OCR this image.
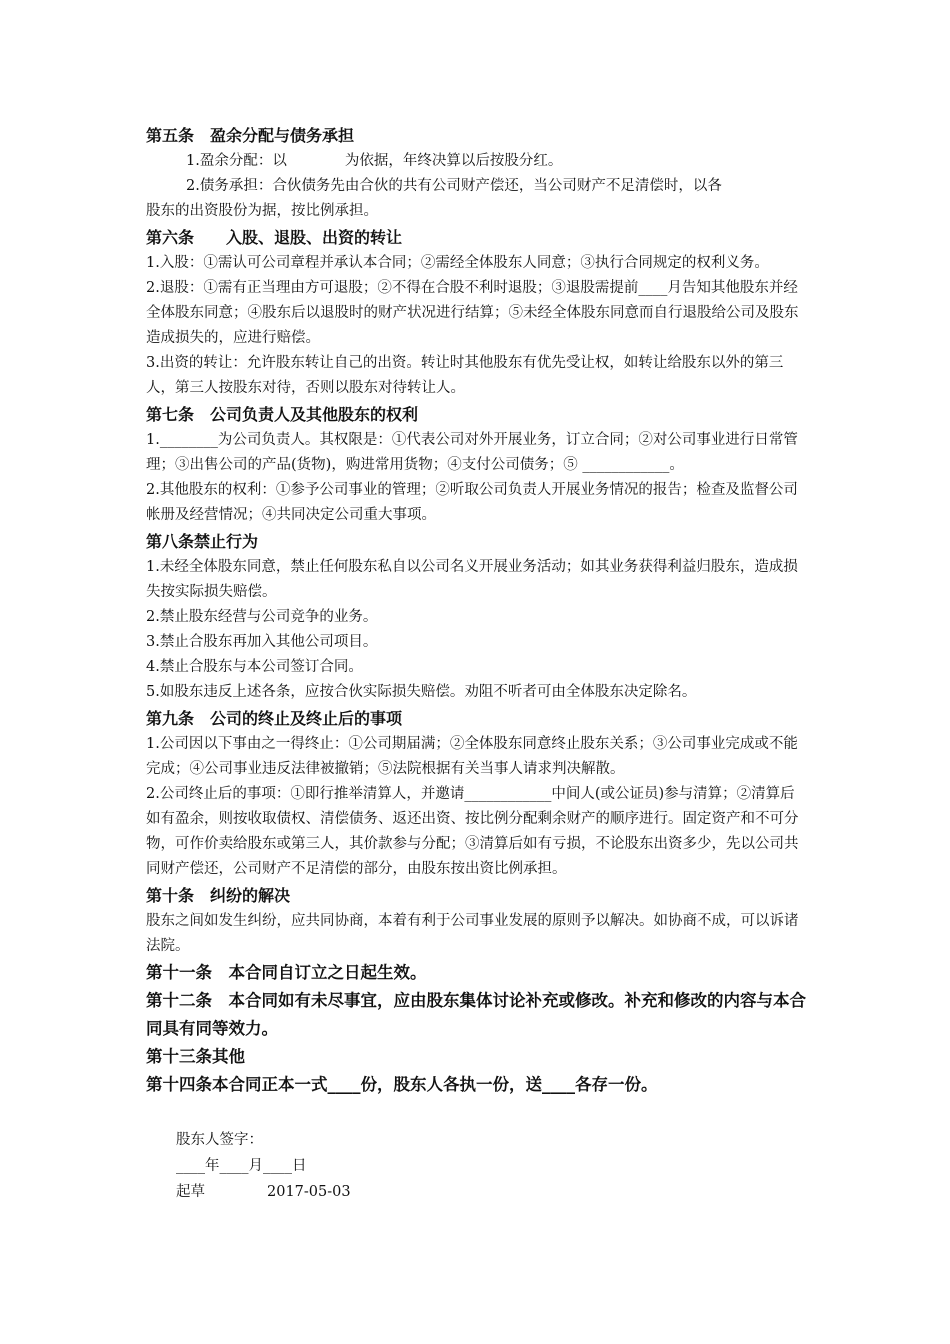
第五条　盈余分配与债务承担

1.盈余分配：以　　　　为依据，年终决算以后按股分红。

2.债务承担：合伙债务先由合伙的共有公司财产偿还，当公司财产不足清偿时，以各

股东的出资股份为据，按比例承担。

第六条　　入股、退股、出资的转让

1.入股：①需认可公司章程并承认本合同；②需经全体股东人同意；③执行合同规定的权利义务。

2.退股：①需有正当理由方可退股；②不得在合股不利时退股；③退股需提前____月告知其他股东并经全体股东同意；④股东后以退股时的财产状况进行结算；⑤未经全体股东同意而自行退股给公司及股东造成损失的，应进行赔偿。

3.出资的转让：允许股东转让自己的出资。转让时其他股东有优先受让权，如转让给股东以外的第三人，第三人按股东对待，否则以股东对待转让人。

第七条　公司负责人及其他股东的权利

1.________为公司负责人。其权限是：①代表公司对外开展业务，订立合同；②对公司事业进行日常管理；③出售公司的产品(货物)，购进常用货物；④支付公司债务；⑤ ____________。

2.其他股东的权利：①参予公司事业的管理；②听取公司负责人开展业务情况的报告；检查及监督公司帐册及经营情况；④共同决定公司重大事项。

第八条禁止行为

1.未经全体股东同意，禁止任何股东私自以公司名义开展业务活动；如其业务获得利益归股东，造成损失按实际损失赔偿。

2.禁止股东经营与公司竞争的业务。

3.禁止合股东再加入其他公司项目。

4.禁止合股东与本公司签订合同。

5.如股东违反上述各条，应按合伙实际损失赔偿。劝阻不听者可由全体股东决定除名。

第九条　公司的终止及终止后的事项

1.公司因以下事由之一得终止：①公司期届满；②全体股东同意终止股东关系；③公司事业完成或不能完成；④公司事业违反法律被撤销；⑤法院根据有关当事人请求判决解散。

2.公司终止后的事项：①即行推举清算人，并邀请____________中间人(或公证员)参与清算；②清算后如有盈余，则按收取债权、清偿债务、返还出资、按比例分配剩余财产的顺序进行。固定资产和不可分物，可作价卖给股东或第三人，其价款参与分配；③清算后如有亏损，不论股东出资多少，先以公司共同财产偿还，公司财产不足清偿的部分，由股东按出资比例承担。

第十条　纠纷的解决

股东之间如发生纠纷，应共同协商，本着有利于公司事业发展的原则予以解决。如协商不成，可以诉诸法院。

第十一条　本合同自订立之日起生效。
第十二条　本合同如有未尽事宜，应由股东集体讨论补充或修改。补充和修改的内容与本合同具有同等效力。
第十三条其他
第十四条本合同正本一式____份，股东人各执一份，送____各存一份。
股东人签字：
____年____月____日
起草	2017-05-03
